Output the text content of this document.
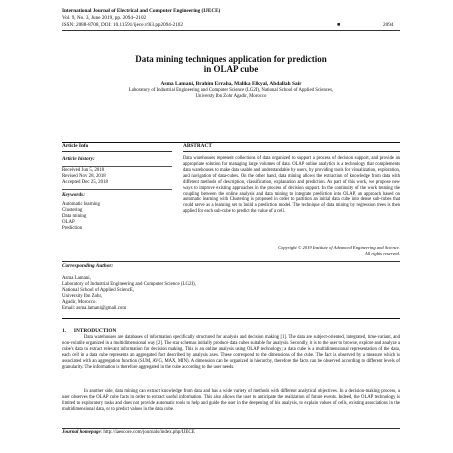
International Journal of Electrical and Computer Engineering (IJECE)
Vol. 9, No. 3, June 2019, pp. 2094~2102
ISSN: 2088-8708, DOI: 10.11591/ijece.v9i3.pp2094-2102	■	2094
Data mining techniques application for prediction
in OLAP cube
Asma Lamani, Brahim Erraha, Malika Elkyal, Abdallah Sair
Laboratory of Industrial Engineering and Computer Science (LG2I), National School of Applied Sciences,
Universty Ibn Zohr Agadir, Morocco
Article Info	ABSTRACT
Article history:
Received Jun 5, 2018
Revised Nov 28, 2018
Accepted Dec 25, 2018
Keywords:
Automatic learning
Clustering
Data mining
OLAP
Prediction
Data warehouses represent collections of data organized to support a process of decision support, and provide an appropriate solution for managing large volumes of data. OLAP online analytics is a technology that complements data warehouses to make data usable and understandable by users, by providing tools for visualization, exploration, and navigation of data-cubes. On the other hand, data mining allows the extraction of knowledge from data with different methods of description, classification, explanation and prediction. As part of this work, we propose new ways to improve existing approaches in the process of decision support. In the continuity of the work treating the coupling between the online analysis and data mining to integrate prediction into OLAP, an approach based on automatic learning with Clustering is proposed in order to partition an initial data cube into dense sub-cubes that could serve as a learning set to build a prediction model. The technique of data mining by regression trees is then applied for each sub-cube to predict the value of a cell.
Copyright © 2019 Institute of Advanced Engineering and Science.
All rights reserved.
Corresponding Author:
Asma Lamani,
Laboratory of Industrial Engineering and Computer Science (LG2I),
National School of Applied SciencE,
University Ibn Zohr,
Agadir, Morocco.
Email: asma.lamani@gmail.com
1.      INTRODUCTION
Data warehouses are databases of information specifically structured for analysis and decision making [1]. The data are subject-oriented, integrated, time-variant, and non-volatile organized in a multidimensional way [2]. The star schemas initially produce data cubes suitable for analysis. Secondly, it is to the user to browse, explore and analyze a cube's data to extract relevant information for decision making. This is an online analysis using OLAP technology; a data cube is a multidimensional representation of the data, each cell in a data cube represents an aggregated fact described by analysis axes. These correspond to the dimensions of the cube. The fact is observed by a measure which is associated with an aggregation function (SUM, AVG, MAX, MIN). A dimension can be organized in hierarchy, therefore the facts can be observed according to different levels of granularity. The information is therefore aggregated in the cube according to the user needs.
In another side, data mining can extract knowledge from data and has a wide variety of methods with different analytical objectives. In a decision-making process, a user observes the OLAP cube facts in order to extract useful information. This also allows the user to anticipate the realization of future events. Indeed, the OLAP technology is limited to exploratory tasks and does not provide automatic tools to help and guide the user in the deepening of his analysis, to explain values of cells, existing associations in the multidimensional data, or to predict values in the data cube.
Journal homepage: http://iaescore.com/journals/index.php/IJECE
